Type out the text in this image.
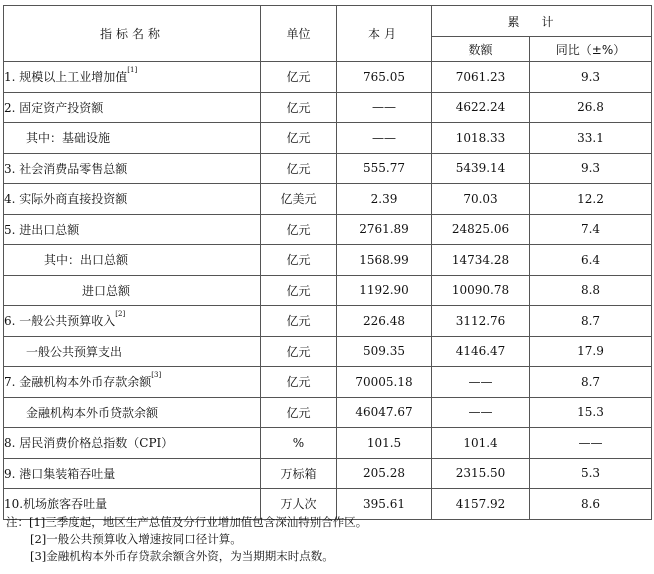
指标名称	单位	本月	累计	
			数额	同比（±%）
1. 规模以上工业增加值[1]	亿元	765.05	7061.23	9.3
2. 固定资产投资额	亿元	——	4622.24	26.8
其中：基础设施	亿元	——	1018.33	33.1
3. 社会消费品零售总额	亿元	555.77	5439.14	9.3
4. 实际外商直接投资额	亿美元	2.39	70.03	12.2
5. 进出口总额	亿元	2761.89	24825.06	7.4
其中：出口总额	亿元	1568.99	14734.28	6.4
进口总额	亿元	1192.90	10090.78	8.8
6. 一般公共预算收入[2]	亿元	226.48	3112.76	8.7
一般公共预算支出	亿元	509.35	4146.47	17.9
7. 金融机构本外币存款余额[3]	亿元	70005.18	——	8.7
金融机构本外币贷款余额	亿元	46047.67	——	15.3
8. 居民消费价格总指数（CPI）	%	101.5	101.4	——
9. 港口集装箱吞吐量	万标箱	205.28	2315.50	5.3
10.机场旅客吞吐量	万人次	395.61	4157.92	8.6
注：[1]三季度起，地区生产总值及分行业增加值包含深汕特别合作区。
[2]一般公共预算收入增速按同口径计算。
[3]金融机构本外币存贷款余额含外资，为当期期末时点数。
